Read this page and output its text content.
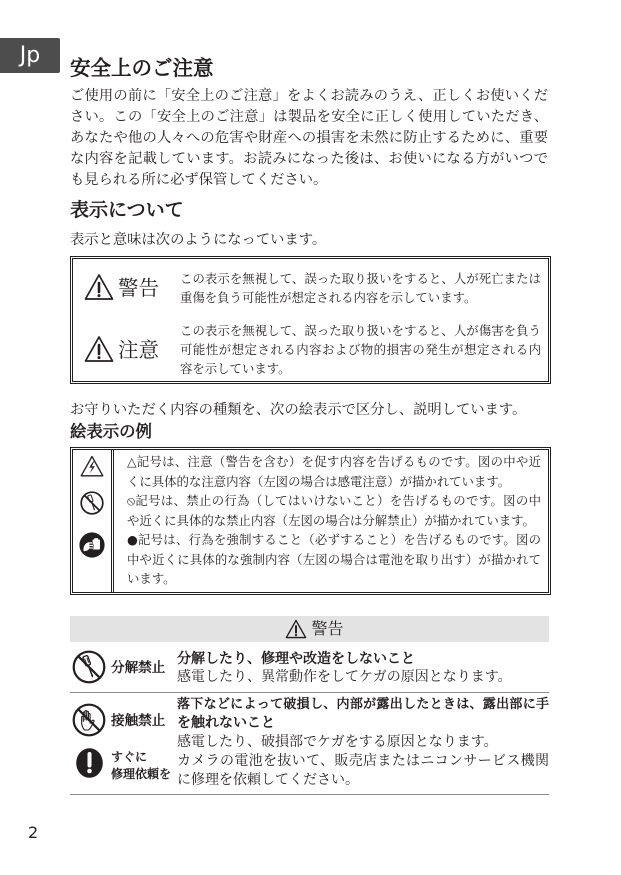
Jp	安全上のご注意
ご使用の前に「安全上のご注意」をよくお読みのうえ、正しくお使いくだ
さい。この「安全上のご注意」は製品を安全に正しく使用していただき、
あなたや他の人々への危害や財産への損害を未然に防止するために、重要
な内容を記載しています。お読みになった後は、お使いになる方がいつで
も見られる所に必ず保管してください。
表示について
表示と意味は次のようになっています。
警告 この表示を無視して、誤った取り扱いをすると、人が死亡または
重傷を負う可能性が想定される内容を示しています。
注意
この表示を無視して、誤った取り扱いをすると、人が傷害を負う
可能性が想定される内容および物的損害の発生が想定される内
容を示しています。
お守りいただく内容の種類を、次の絵表示で区分し、説明しています。
絵表示の例
△記号は、注意（警告を含む）を促す内容を告げるものです。図の中や近
くに具体的な注意内容（左図の場合は感電注意）が描かれています。
⦸記号は、禁止の行為（してはいけないこと）を告げるものです。図の中
や近くに具体的な禁止内容（左図の場合は分解禁止）が描かれています。
●記号は、行為を強制すること（必ずすること）を告げるものです。図の
中や近くに具体的な強制内容（左図の場合は電池を取り出す）が描かれて
います。
警告
分解禁止
分解したり、修理や改造をしないこと
感電したり、異常動作をしてケガの原因となります。
接触禁止
すぐに
修理依頼を
落下などによって破損し、内部が露出したときは、露出部に手
を触れないこと
感電したり、破損部でケガをする原因となります。
カメラの電池を抜いて、販売店またはニコンサービス機関
に修理を依頼してください。
2
